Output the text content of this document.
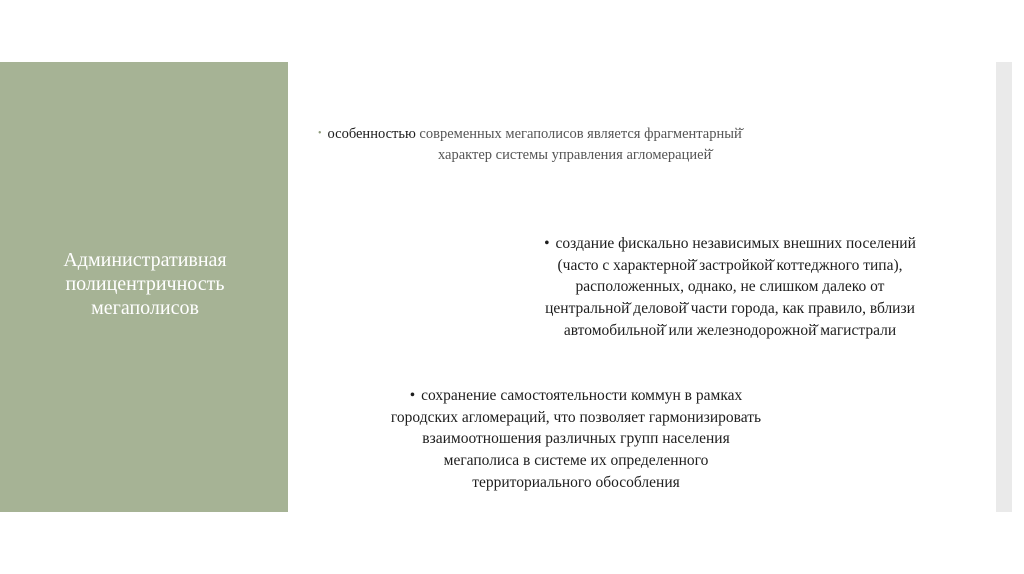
Административная
полицентричность
мегаполисов
• особенностью современных мегаполисов является фрагментарный̆
характер системы управления агломерацией̆
• создание фискально независимых внешних поселений
(часто с характерной̆ застройкой̆ коттеджного типа),
расположенных, однако, не слишком далеко от
центральной̆ деловой̆ части города, как правило, вблизи
автомобильной̆ или железнодорожной̆ магистрали
• сохранение самостоятельности коммун в рамках
городских агломераций, что позволяет гармонизировать
взаимоотношения различных групп населения
мегаполиса в системе их определенного
территориального обособления
